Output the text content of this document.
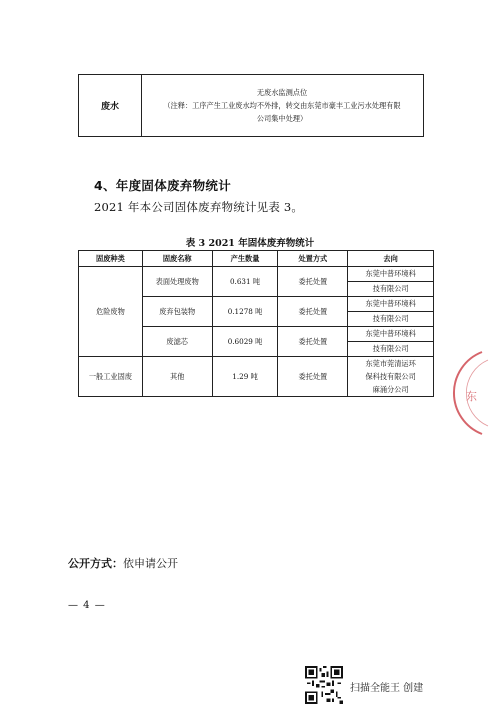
废水
无废水监测点位
（注释：工序产生工业废水均不外排，转交由东莞市豪丰工业污水处理有限
公司集中处理）
4、年度固体废弃物统计
2021 年本公司固体废弃物统计见表 3。
表 3 2021 年固体废弃物统计
固废种类	固废名称	产生数量	处置方式	去向
危险废物	表面处理废物	0.631 吨	委托处置	东莞中普环境科
技有限公司

	废弃包装物	0.1278 吨	委托处置	东莞中普环境科
技有限公司

	废滤芯	0.6029 吨	委托处置	东莞中普环境科
技有限公司

一般工业固废	其他	1.29 吨	委托处置	东莞市莞清运环
保科技有限公司
麻涌分公司
东
公开方式：依申请公开
— 4 —
扫描全能王 创建
